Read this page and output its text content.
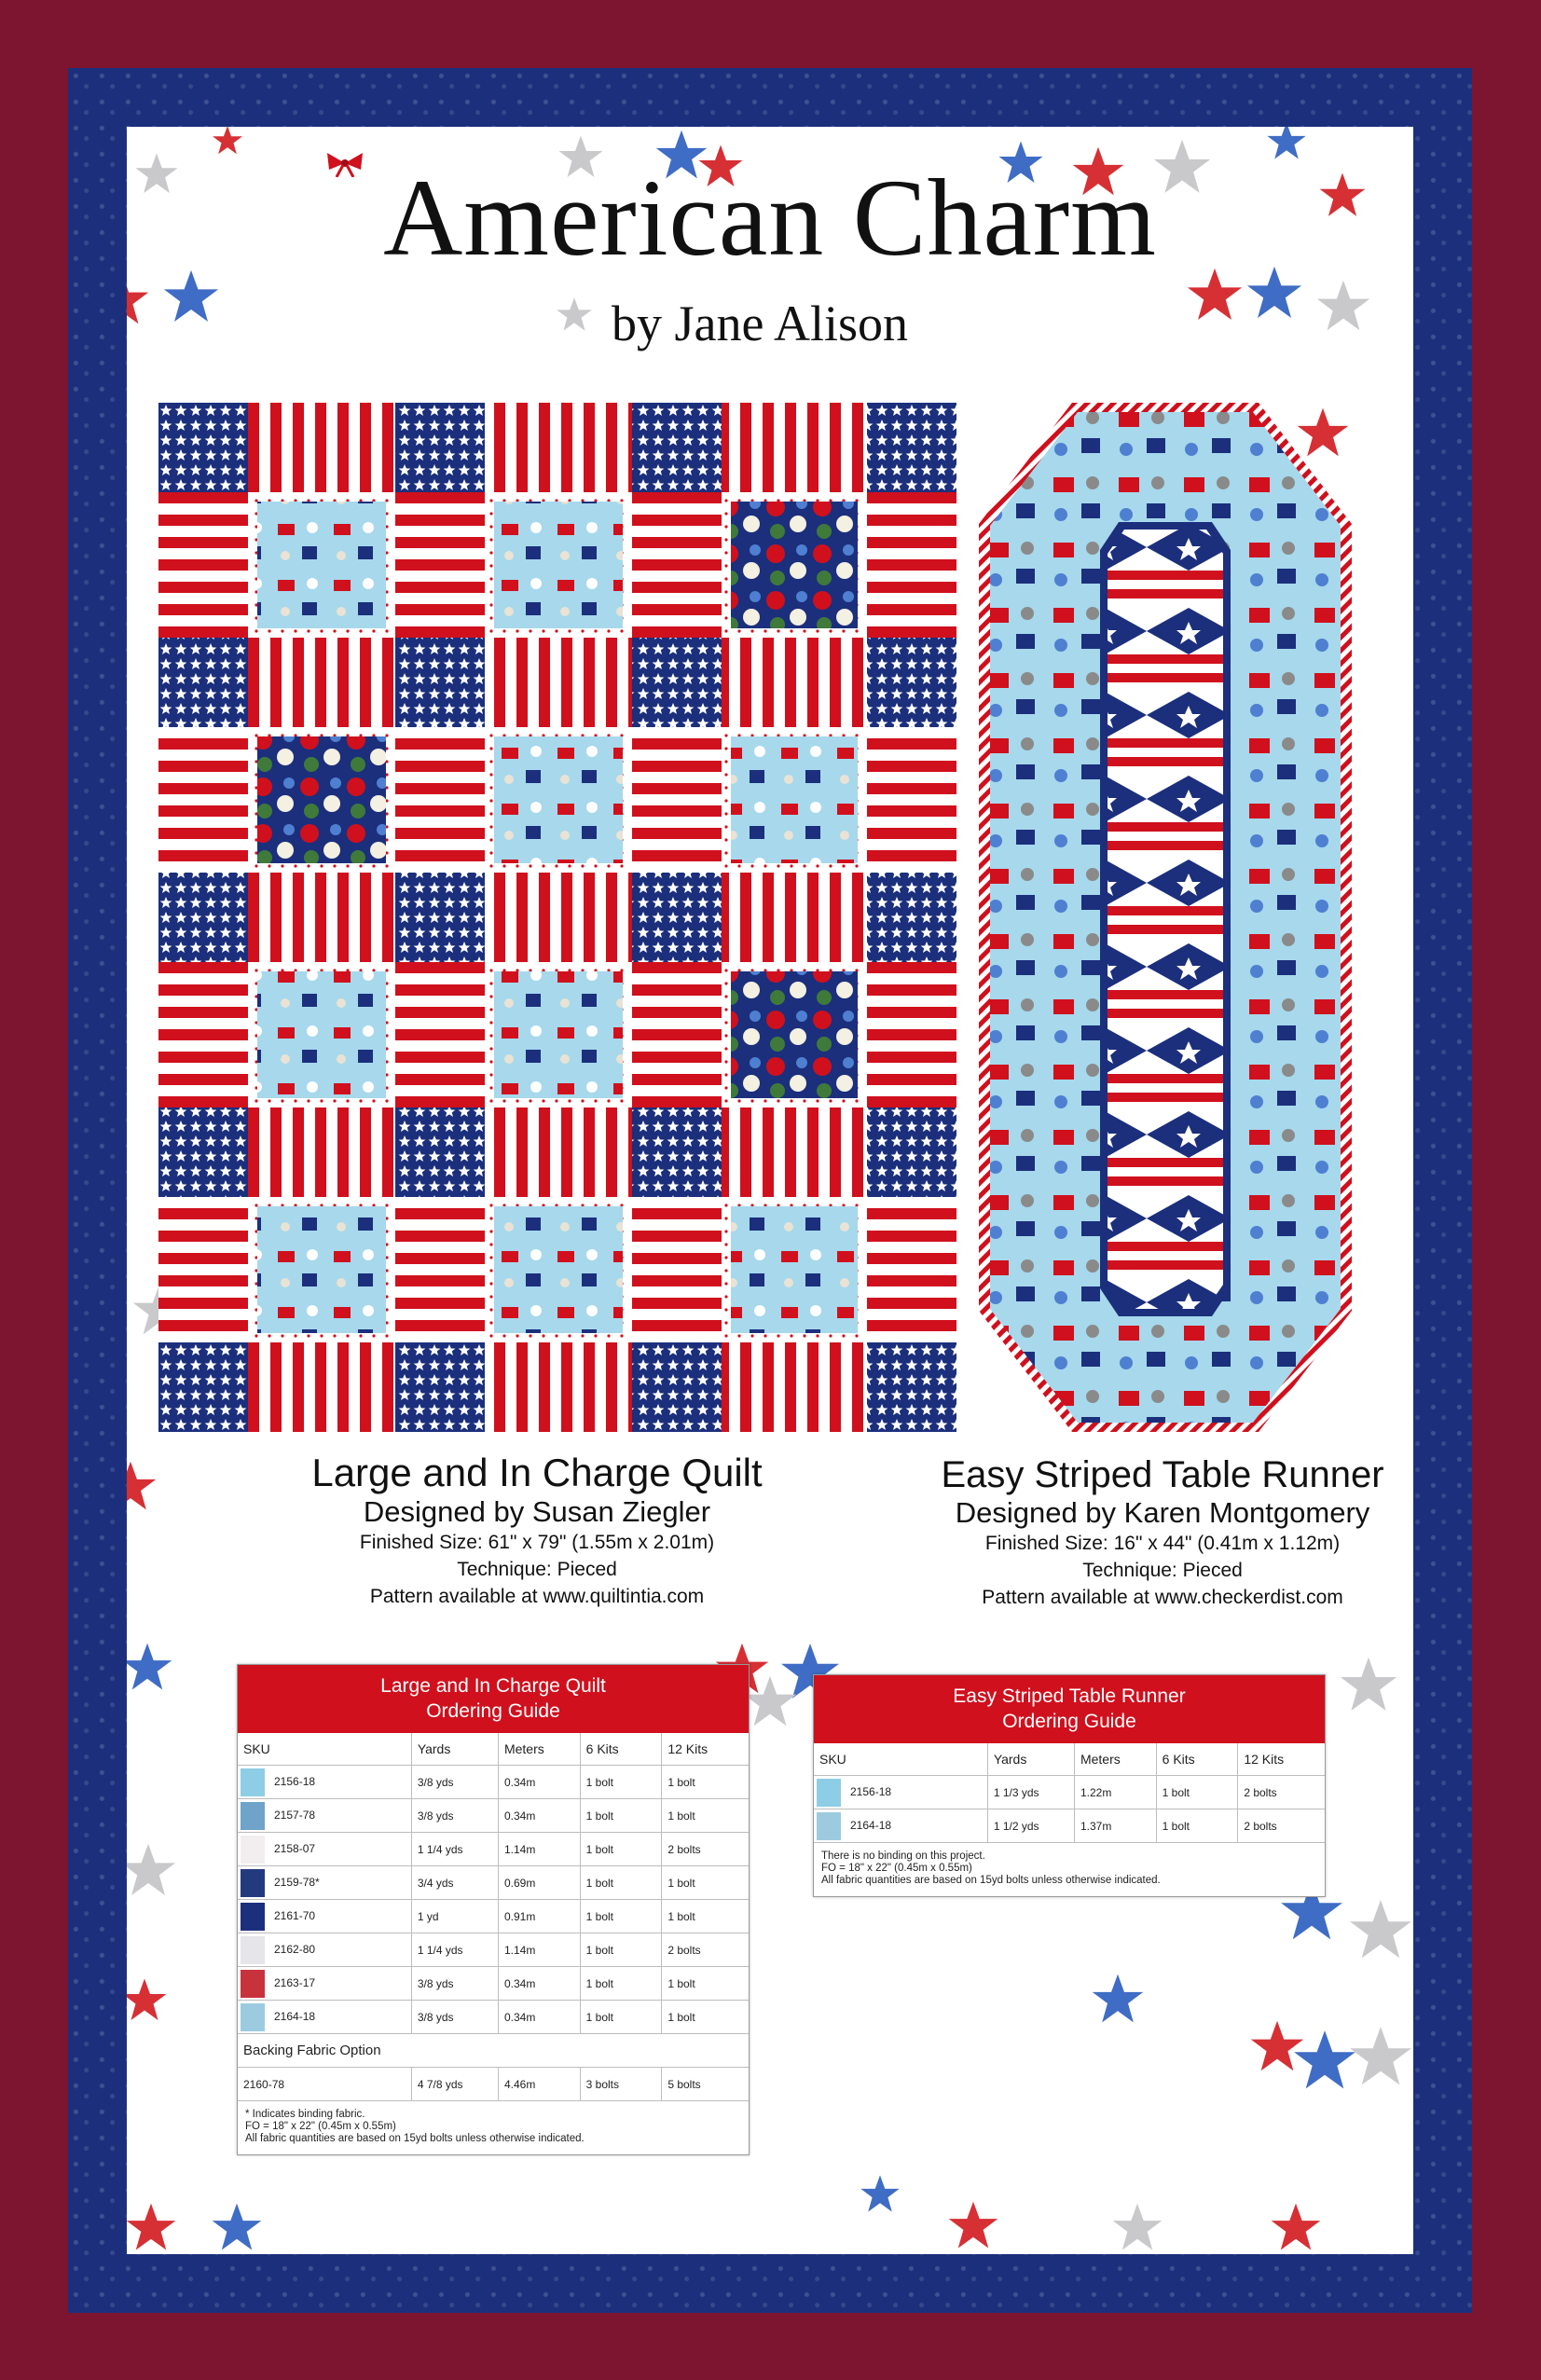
American Charm
by Jane Alison
Large and In Charge Quilt
Designed by Susan Ziegler
Finished Size: 61" x 79" (1.55m x 2.01m)
Technique: Pieced
Pattern available at www.quiltintia.com
Easy Striped Table Runner
Designed by Karen Montgomery
Finished Size: 16" x 44" (0.41m x 1.12m)
Technique: Pieced
Pattern available at www.checkerdist.com
Large and In Charge Quilt
Ordering Guide
SKU	Yards	Meters	6 Kits	12 Kits
2156-18	3/8 yds	0.34m	1 bolt	1 bolt
2157-78	3/8 yds	0.34m	1 bolt	1 bolt
2158-07	1 1/4 yds	1.14m	1 bolt	2 bolts
2159-78*	3/4 yds	0.69m	1 bolt	1 bolt
2161-70	1 yd	0.91m	1 bolt	1 bolt
2162-80	1 1/4 yds	1.14m	1 bolt	2 bolts
2163-17	3/8 yds	0.34m	1 bolt	1 bolt
2164-18	3/8 yds	0.34m	1 bolt	1 bolt
Backing Fabric Option				
2160-78	4 7/8 yds	4.46m	3 bolts	5 bolts
* Indicates binding fabric.
FO = 18" x 22" (0.45m x 0.55m)
All fabric quantities are based on 15yd bolts unless otherwise indicated.
Easy Striped Table Runner
Ordering Guide
SKU	Yards	Meters	6 Kits	12 Kits
2156-18	1 1/3 yds	1.22m	1 bolt	2 bolts
2164-18	1 1/2 yds	1.37m	1 bolt	2 bolts
There is no binding on this project.
FO = 18" x 22" (0.45m x 0.55m)
All fabric quantities are based on 15yd bolts unless otherwise indicated.
